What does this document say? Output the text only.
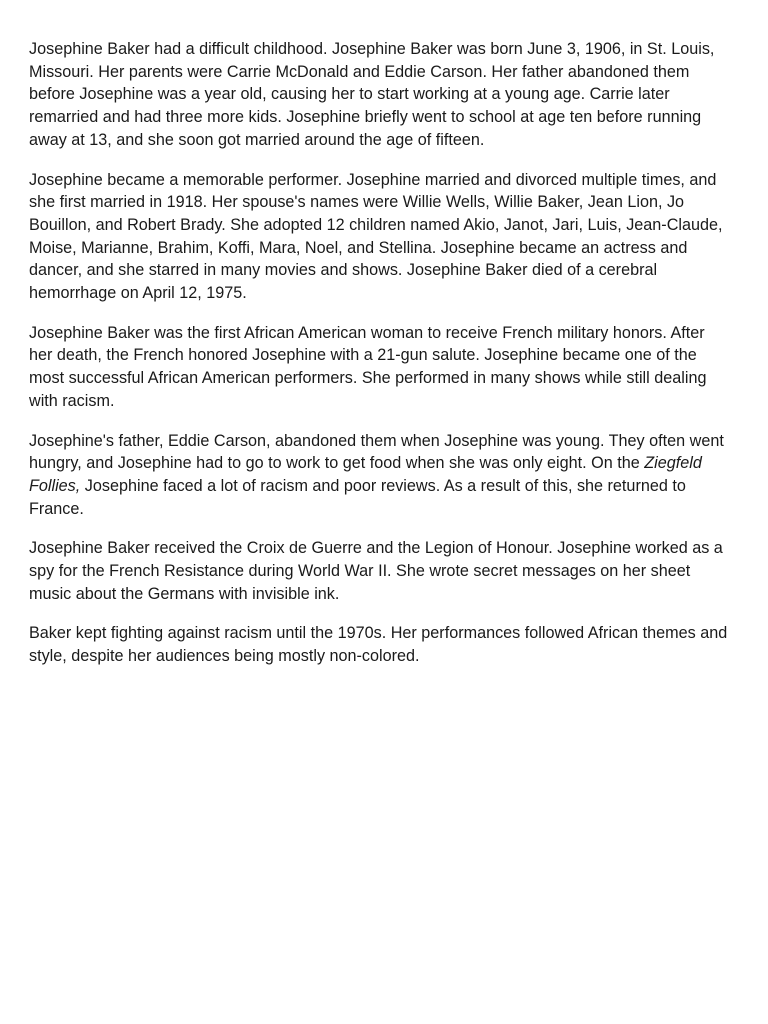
Josephine Baker had a difficult childhood. Josephine Baker was born June 3, 1906, in St. Louis, Missouri. Her parents were Carrie McDonald and Eddie Carson. Her father abandoned them before Josephine was a year old, causing her to start working at a young age. Carrie later remarried and had three more kids. Josephine briefly went to school at age ten before running away at 13, and she soon got married around the age of fifteen.

Josephine became a memorable performer. Josephine married and divorced multiple times, and she first married in 1918. Her spouse's names were Willie Wells, Willie Baker, Jean Lion, Jo Bouillon, and Robert Brady. She adopted 12 children named Akio, Janot, Jari, Luis, Jean-Claude, Moise, Marianne, Brahim, Koffi, Mara, Noel, and Stellina. Josephine became an actress and dancer, and she starred in many movies and shows. Josephine Baker died of a cerebral hemorrhage on April 12, 1975.

Josephine Baker was the first African American woman to receive French military honors. After her death, the French honored Josephine with a 21-gun salute. Josephine became one of the most successful African American performers. She performed in many shows while still dealing with racism.

Josephine's father, Eddie Carson, abandoned them when Josephine was young. They often went hungry, and Josephine had to go to work to get food when she was only eight. On the Ziegfeld Follies, Josephine faced a lot of racism and poor reviews. As a result of this, she returned to France.

Josephine Baker received the Croix de Guerre and the Legion of Honour. Josephine worked as a spy for the French Resistance during World War II. She wrote secret messages on her sheet music about the Germans with invisible ink.

Baker kept fighting against racism until the 1970s. Her performances followed African themes and style, despite her audiences being mostly non-colored.
